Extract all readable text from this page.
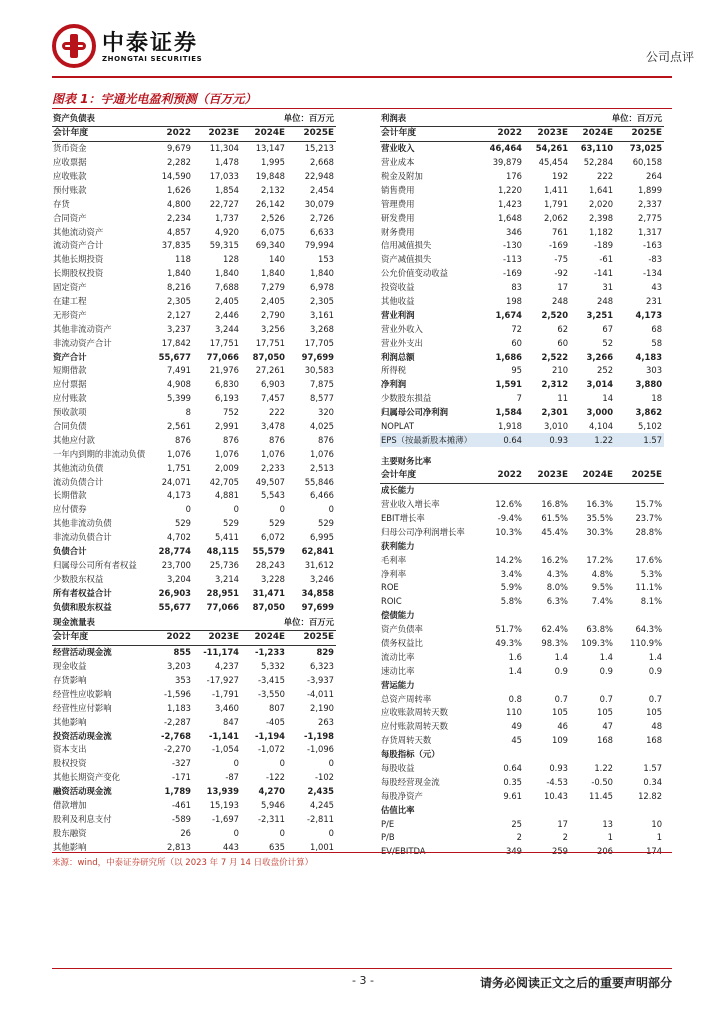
中泰证券
ZHONGTAI SECURITIES	公司点评
图表 1：宇通光电盈利预测（百万元）
资产负债表			单位：百万元	
会计年度	2022	2023E	2024E	2025E
货币资金	9,679	11,304	13,147	15,213
应收票据	2,282	1,478	1,995	2,668
应收账款	14,590	17,033	19,848	22,948
预付账款	1,626	1,854	2,132	2,454
存货	4,800	22,727	26,142	30,079
合同资产	2,234	1,737	2,526	2,726
其他流动资产	4,857	4,920	6,075	6,633
流动资产合计	37,835	59,315	69,340	79,994
其他长期投资	118	128	140	153
长期股权投资	1,840	1,840	1,840	1,840
固定资产	8,216	7,688	7,279	6,978
在建工程	2,305	2,405	2,405	2,305
无形资产	2,127	2,446	2,790	3,161
其他非流动资产	3,237	3,244	3,256	3,268
非流动资产合计	17,842	17,751	17,751	17,705
资产合计	55,677	77,066	87,050	97,699
短期借款	7,491	21,976	27,261	30,583
应付票据	4,908	6,830	6,903	7,875
应付账款	5,399	6,193	7,457	8,577
预收款项	8	752	222	320
合同负债	2,561	2,991	3,478	4,025
其他应付款	876	876	876	876
一年内到期的非流动负债	1,076	1,076	1,076	1,076
其他流动负债	1,751	2,009	2,233	2,513
流动负债合计	24,071	42,705	49,507	55,846
长期借款	4,173	4,881	5,543	6,466
应付债券	0	0	0	0
其他非流动负债	529	529	529	529
非流动负债合计	4,702	5,411	6,072	6,995
负债合计	28,774	48,115	55,579	62,841
归属母公司所有者权益	23,700	25,736	28,243	31,612
少数股东权益	3,204	3,214	3,228	3,246
所有者权益合计	26,903	28,951	31,471	34,858
负债和股东权益	55,677	77,066	87,050	97,699
利润表			单位：百万元	
会计年度	2022	2023E	2024E	2025E
营业收入	46,464	54,261	63,110	73,025
营业成本	39,879	45,454	52,284	60,158
税金及附加	176	192	222	264
销售费用	1,220	1,411	1,641	1,899
管理费用	1,423	1,791	2,020	2,337
研发费用	1,648	2,062	2,398	2,775
财务费用	346	761	1,182	1,317
信用减值损失	-130	-169	-189	-163
资产减值损失	-113	-75	-61	-83
公允价值变动收益	-169	-92	-141	-134
投资收益	83	17	31	43
其他收益	198	248	248	231
营业利润	1,674	2,520	3,251	4,173
营业外收入	72	62	67	68
营业外支出	60	60	52	58
利润总额	1,686	2,522	3,266	4,183
所得税	95	210	252	303
净利润	1,591	2,312	3,014	3,880
少数股东损益	7	11	14	18
归属母公司净利润	1,584	2,301	3,000	3,862
NOPLAT	1,918	3,010	4,104	5,102
EPS（按最新股本摊薄）	0.64	0.93	1.22	1.57
主要财务比率				
会计年度	2022	2023E	2024E	2025E
成长能力				
营业收入增长率	12.6%	16.8%	16.3%	15.7%
EBIT增长率	-9.4%	61.5%	35.5%	23.7%
归母公司净利润增长率	10.3%	45.4%	30.3%	28.8%
获利能力				
毛利率	14.2%	16.2%	17.2%	17.6%
净利率	3.4%	4.3%	4.8%	5.3%
ROE	5.9%	8.0%	9.5%	11.1%
ROIC	5.8%	6.3%	7.4%	8.1%
偿债能力				
资产负债率	51.7%	62.4%	63.8%	64.3%
债务权益比	49.3%	98.3%	109.3%	110.9%
流动比率	1.6	1.4	1.4	1.4
速动比率	1.4	0.9	0.9	0.9
营运能力				
总资产周转率	0.8	0.7	0.7	0.7
应收账款周转天数	110	105	105	105
应付账款周转天数	49	46	47	48
存货周转天数	45	109	168	168
每股指标（元）				
每股收益	0.64	0.93	1.22	1.57
每股经营现金流	0.35	-4.53	-0.50	0.34
每股净资产	9.61	10.43	11.45	12.82
估值比率				
P/E	25	17	13	10
P/B	2	2	1	1
EV/EBITDA	349	259	206	174
现金流量表			单位：百万元	
会计年度	2022	2023E	2024E	2025E
经营活动现金流	855	-11,174	-1,233	829
现金收益	3,203	4,237	5,332	6,323
存货影响	353	-17,927	-3,415	-3,937
经营性应收影响	-1,596	-1,791	-3,550	-4,011
经营性应付影响	1,183	3,460	807	2,190
其他影响	-2,287	847	-405	263
投资活动现金流	-2,768	-1,141	-1,194	-1,198
资本支出	-2,270	-1,054	-1,072	-1,096
股权投资	-327	0	0	0
其他长期资产变化	-171	-87	-122	-102
融资活动现金流	1,789	13,939	4,270	2,435
借款增加	-461	15,193	5,946	4,245
股利及利息支付	-589	-1,697	-2,311	-2,811
股东融资	26	0	0	0
其他影响	2,813	443	635	1,001
来源：wind，中泰证券研究所（以 2023 年 7 月 14 日收盘价计算）
- 3 -	请务必阅读正文之后的重要声明部分
